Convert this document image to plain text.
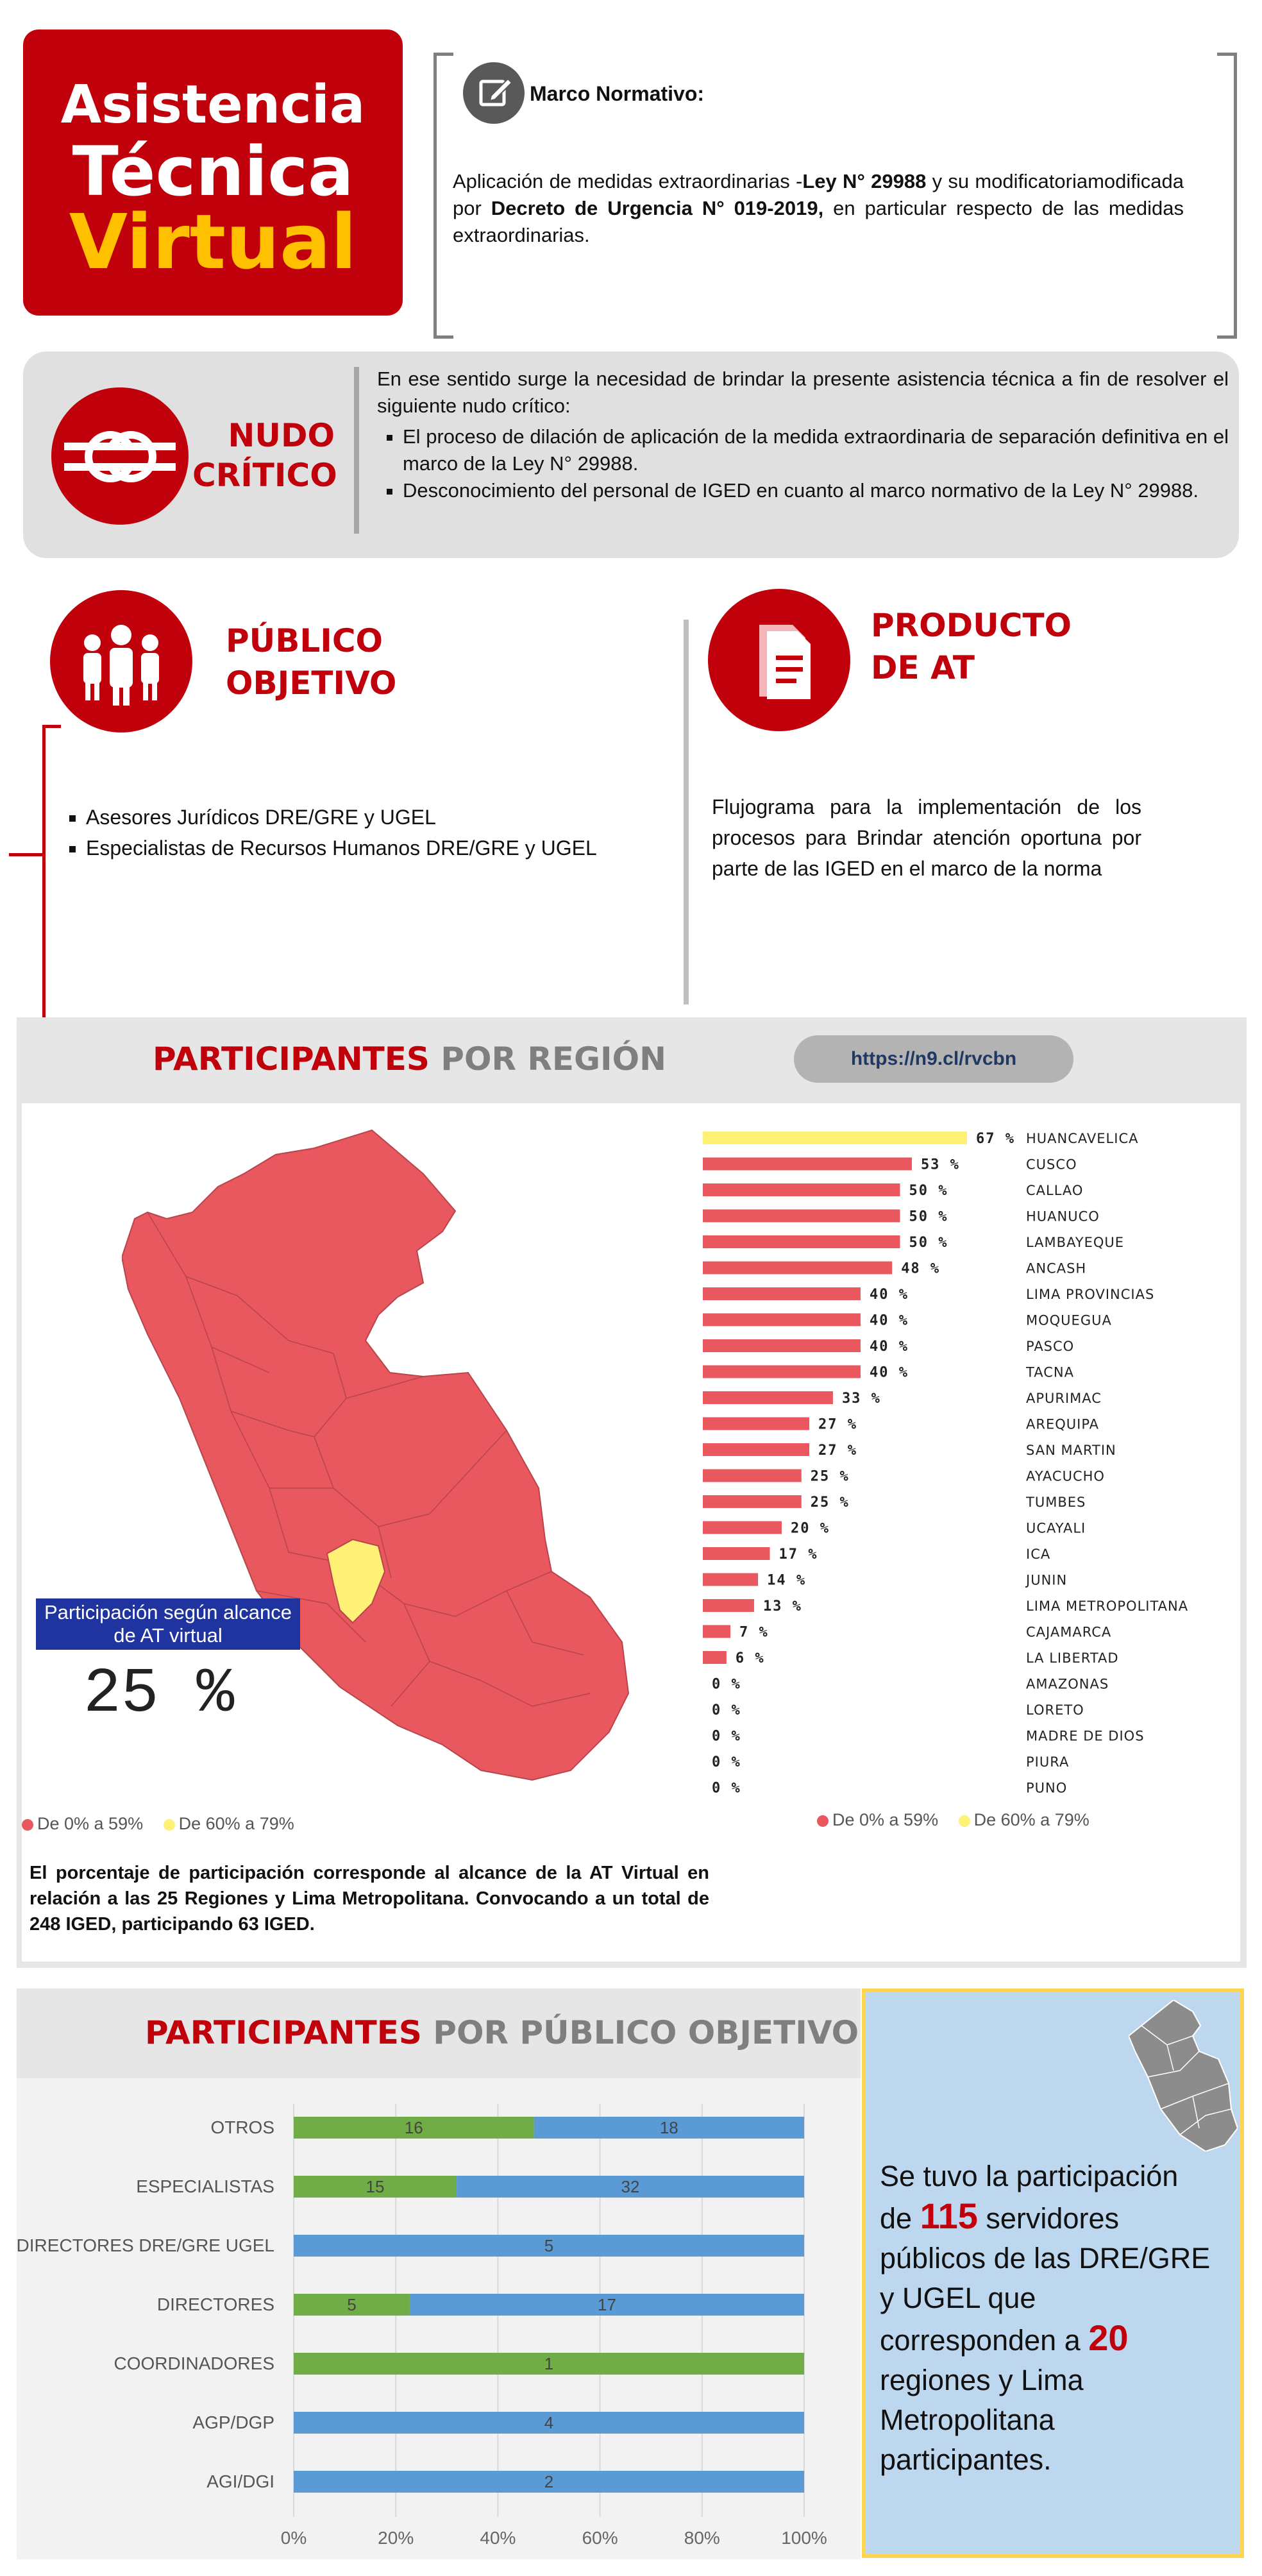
Asistencia
Técnica
Virtual
Marco Normativo:
Aplicación de medidas extraordinarias -Ley N° 29988 y su modificatoriamodificada por Decreto de Urgencia N° 019-2019, en particular respecto de las medidas extraordinarias.
NUDO
CRÍTICO
En ese sentido surge la necesidad de brindar la presente asistencia técnica a fin de resolver el siguiente nudo crítico:
▪ El proceso de dilación de aplicación de la medida extraordinaria de separación definitiva en el marco de la Ley N° 29988.
▪ Desconocimiento del personal de IGED en cuanto al marco normativo de la Ley N° 29988.
PÚBLICO
OBJETIVO
▪ Asesores Jurídicos DRE/GRE y UGEL
▪ Especialistas de Recursos Humanos DRE/GRE y UGEL
PRODUCTO
DE AT
Flujograma para la implementación de los procesos para Brindar atención oportuna por parte de las IGED en el marco de la norma
PARTICIPANTES POR REGIÓN	https://n9.cl/rvcbn
Participación según alcance de AT virtual
25 %
De 0% a 59% De 60% a 79%
67 % HUANCAVELICA
53 %	CUSCO
50 %	CALLAO
50 %	HUANUCO
50 %	LAMBAYEQUE
48 %	ANCASH
40 %	LIMA PROVINCIAS
40 %	MOQUEGUA
40 %	PASCO
40 %	TACNA
33 %	APURIMAC
27 %	AREQUIPA
27 %	SAN MARTIN
25 %	AYACUCHO
25 %	TUMBES
20 %	UCAYALI
17 %	ICA
14 %	JUNIN
13 %	LIMA METROPOLITANA
7 %	CAJAMARCA
6 %	LA LIBERTAD
0 %	AMAZONAS
0 %	LORETO
0 %	MADRE DE DIOS
0 %	PIURA
0 %	PUNO
De 0% a 59% De 60% a 79%
El porcentaje de participación corresponde al alcance de la AT Virtual en relación a las 25 Regiones y Lima Metropolitana. Convocando a un total de 248 IGED, participando 63 IGED.
PARTICIPANTES POR PÚBLICO OBJETIVO
0%	20%	40%	60%	80%	100%
OTROS	16	18
ESPECIALISTAS	15	32
DIRECTORES DRE/GRE UGEL	5
DIRECTORES	5	17
COORDINADORES	1
AGP/DGP	4
AGI/DGI	2
Se tuvo la participación de 115 servidores públicos de las DRE/GRE y UGEL que corresponden a 20 regiones y Lima Metropolitana participantes.
